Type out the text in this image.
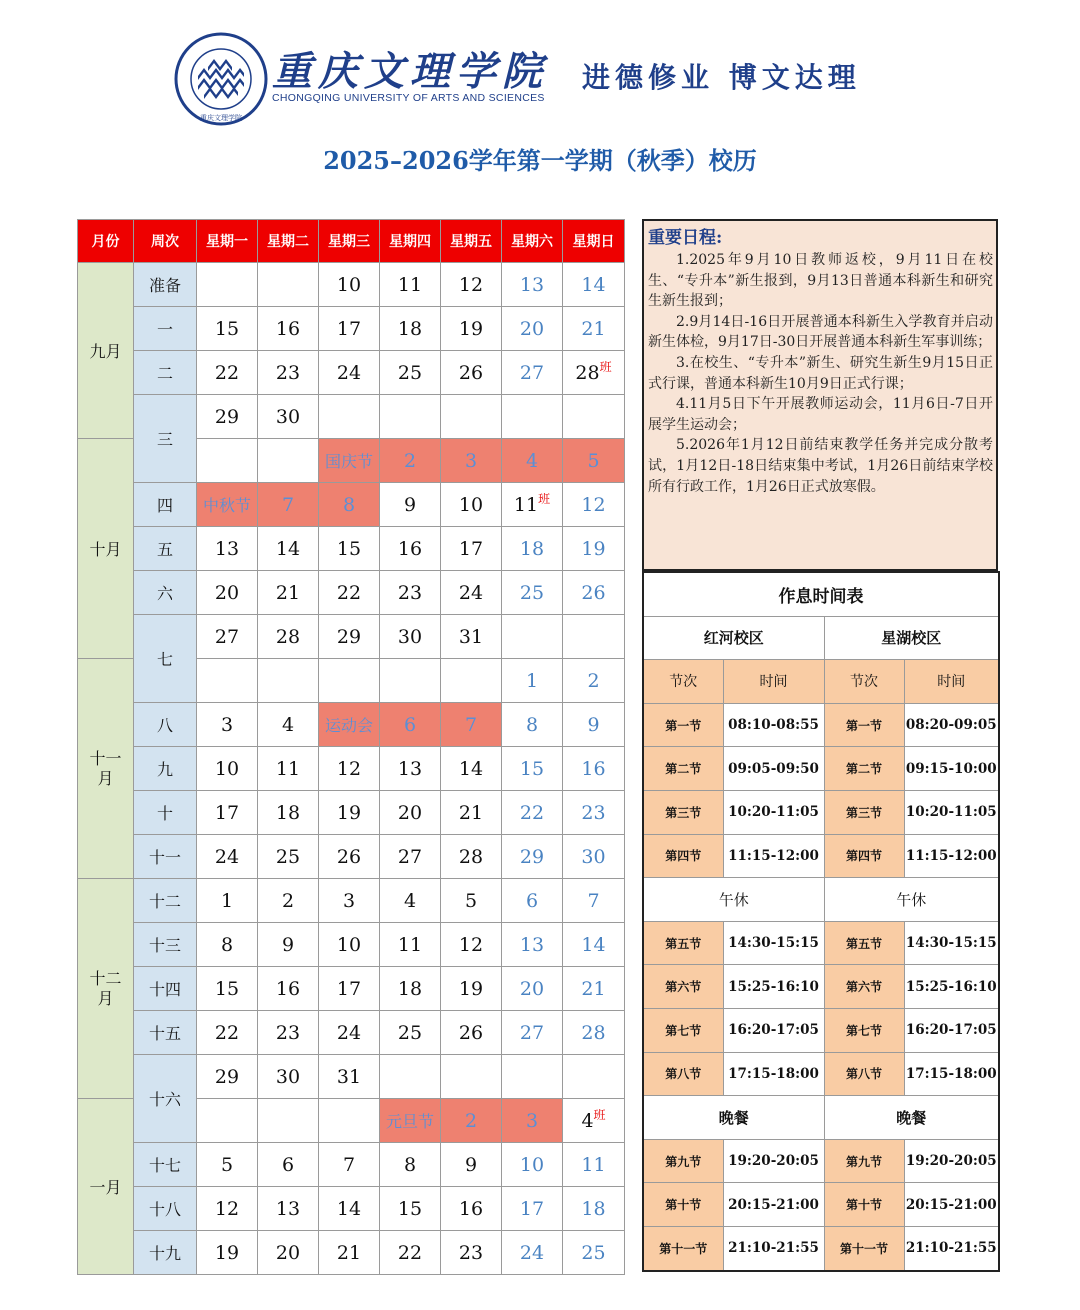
重庆文理学院
重庆文理学院
CHONGQING UNIVERSITY OF ARTS AND SCIENCES
进德修业 博文达理
2025–2026学年第一学期（秋季）校历
月份	周次	星期一	星期二	星期三	星期四	星期五	星期六	星期日
九月	准备			10	11	12	13	14
	一	15	16	17	18	19	20	21
	二	22	23	24	25	26	27	$28^班$
	三	29	30					
十月				国庆节	2	3	4	5
	四	中秋节	7	8	9	10	$11^班$	12
	五	13	14	15	16	17	18	19
	六	20	21	22	23	24	25	26
	七	27	28	29	30	31		
十一月							1	2
	八	3	4	运动会	6	7	8	9
	九	10	11	12	13	14	15	16
	十	17	18	19	20	21	22	23
	十一	24	25	26	27	28	29	30
十二月	十二	1	2	3	4	5	6	7
	十三	8	9	10	11	12	13	14
	十四	15	16	17	18	19	20	21
	十五	22	23	24	25	26	27	28
	十六	29	30	31				
一月					元旦节	2	3	$4^班$
	十七	5	6	7	8	9	10	11
	十八	12	13	14	15	16	17	18
	十九	19	20	21	22	23	24	25
重要日程:

1.2025年9月10日教师返校，9月11日在校生、“专升本”新生报到，9月13日普通本科新生和研究生新生报到；

2.9月14日-16日开展普通本科新生入学教育并启动新生体检，9月17日-30日开展普通本科新生军事训练；

3.在校生、“专升本”新生、研究生新生9月15日正式行课，普通本科新生10月9日正式行课；

4.11月5日下午开展教师运动会，11月6日-7日开展学生运动会；

5.2026年1月12日前结束教学任务并完成分散考试，1月12日-18日结束集中考试，1月26日前结束学校所有行政工作，1月26日正式放寒假。

作息时间表			
红河校区		星湖校区	
节次	时间	节次	时间
第一节	08:10-08:55	第一节	08:20-09:05
第二节	09:05-09:50	第二节	09:15-10:00
第三节	10:20-11:05	第三节	10:20-11:05
第四节	11:15-12:00	第四节	11:15-12:00
午休		午休	
第五节	14:30-15:15	第五节	14:30-15:15
第六节	15:25-16:10	第六节	15:25-16:10
第七节	16:20-17:05	第七节	16:20-17:05
第八节	17:15-18:00	第八节	17:15-18:00
晚餐		晚餐	
第九节	19:20-20:05	第九节	19:20-20:05
第十节	20:15-21:00	第十节	20:15-21:00
第十一节	21:10-21:55	第十一节	21:10-21:55
